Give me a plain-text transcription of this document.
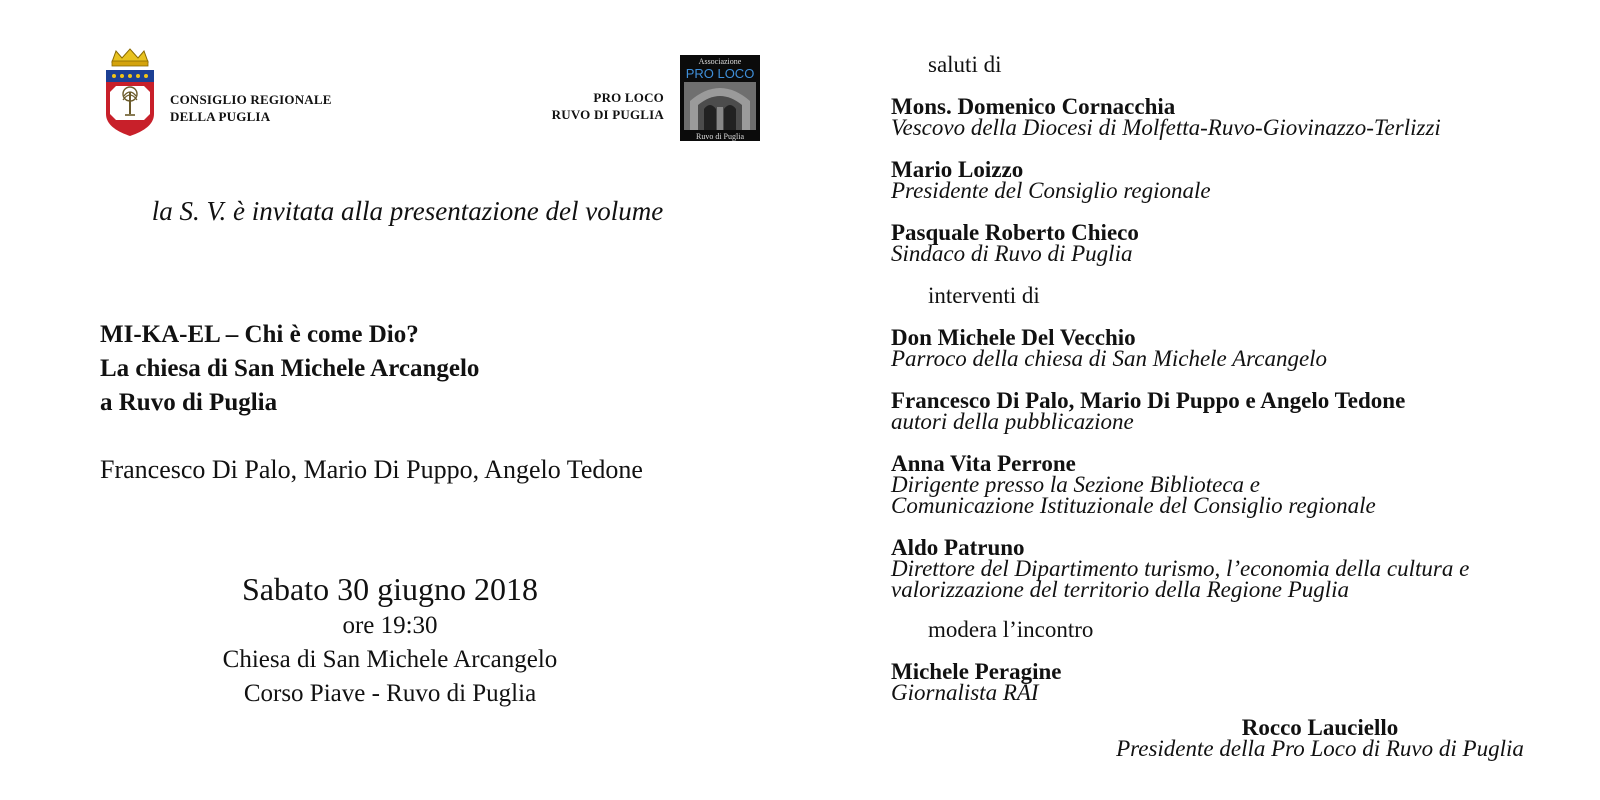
CONSIGLIO REGIONALE
DELLA PUGLIA
PRO LOCO
RUVO DI PUGLIA
Associazione
PRO LOCO
Ruvo di Puglia
la S. V. è invitata alla presentazione del volume
MI-KA-EL – Chi è come Dio?
La chiesa di San Michele Arcangelo
a Ruvo di Puglia
Francesco Di Palo, Mario Di Puppo, Angelo Tedone
Sabato 30 giugno 2018
ore 19:30
Chiesa di San Michele Arcangelo
Corso Piave - Ruvo di Puglia
saluti di
Mons. Domenico Cornacchia
Vescovo della Diocesi di Molfetta-Ruvo-Giovinazzo-Terlizzi
Mario Loizzo
Presidente del Consiglio regionale
Pasquale Roberto Chieco
Sindaco di Ruvo di Puglia
interventi di
Don Michele Del Vecchio
Parroco della chiesa di San Michele Arcangelo
Francesco Di Palo, Mario Di Puppo e Angelo Tedone
autori della pubblicazione
Anna Vita Perrone
Dirigente presso la Sezione Biblioteca e
Comunicazione Istituzionale del Consiglio regionale
Aldo Patruno
Direttore del Dipartimento turismo, l’economia della cultura e
valorizzazione del territorio della Regione Puglia
modera l’incontro
Michele Peragine
Giornalista RAI
Rocco Lauciello
Presidente della Pro Loco di Ruvo di Puglia
